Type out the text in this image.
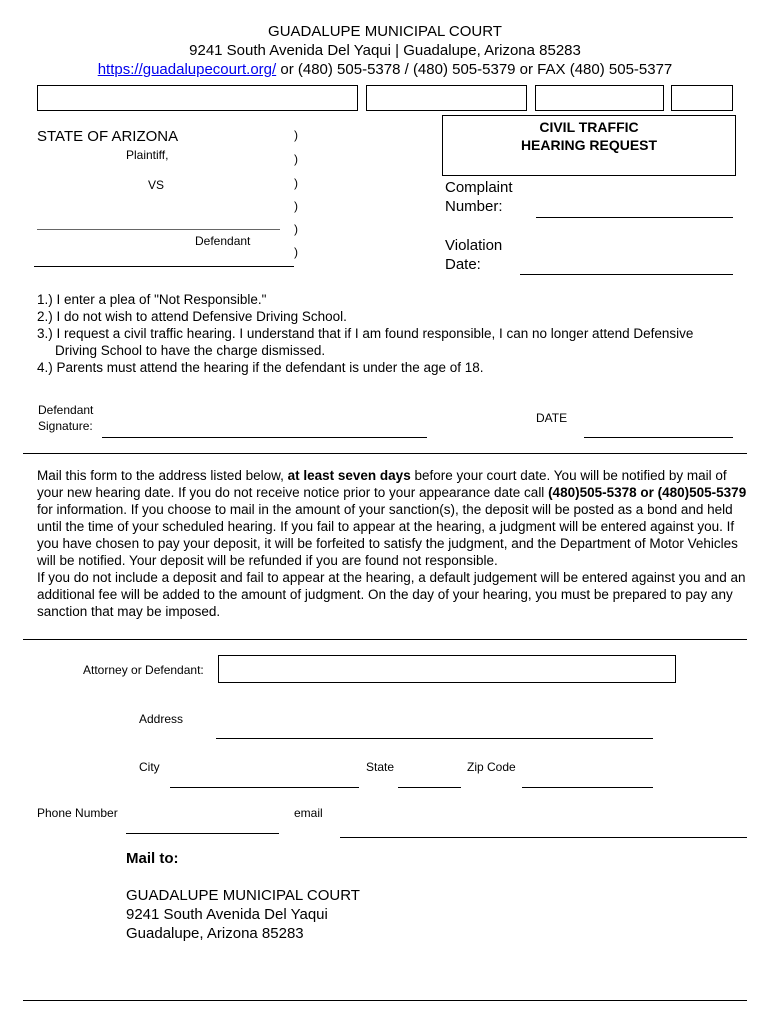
GUADALUPE MUNICIPAL COURT
9241 South Avenida Del Yaqui | Guadalupe, Arizona 85283
https://guadalupecourt.org/ or (480) 505-5378 / (480) 505-5379 or FAX (480) 505-5377
CIVIL TRAFFIC
HEARING REQUEST
STATE OF ARIZONA
Plaintiff,
VS
Defendant
)
)
)
)
)
)
Complaint
Number:
Violation
Date:
1.) I enter a plea of "Not Responsible."
2.) I do not wish to attend Defensive Driving School.
3.) I request a civil traffic hearing. I understand that if I am found responsible, I can no longer attend Defensive
Driving School to have the charge dismissed.
4.) Parents must attend the hearing if the defendant is under the age of 18.
Defendant
Signature:
DATE
Mail this form to the address listed below, at least seven days before your court date. You will be notified by mail of your new hearing date. If you do not receive notice prior to your appearance date call (480)505-5378 or (480)505-5379 for information. If you choose to mail in the amount of your sanction(s), the deposit will be posted as a bond and held until the time of your scheduled hearing. If you fail to appear at the hearing, a judgment will be entered against you. If you have chosen to pay your deposit, it will be forfeited to satisfy the judgment, and the Department of Motor Vehicles will be notified. Your deposit will be refunded if you are found not responsible.
If you do not include a deposit and fail to appear at the hearing, a default judgement will be entered against you and an additional fee will be added to the amount of judgment. On the day of your hearing, you must be prepared to pay any sanction that may be imposed.
Attorney or Defendant:
Address
City	State	Zip Code
Phone Number	email
Mail to:
GUADALUPE MUNICIPAL COURT
9241 South Avenida Del Yaqui
Guadalupe, Arizona 85283
